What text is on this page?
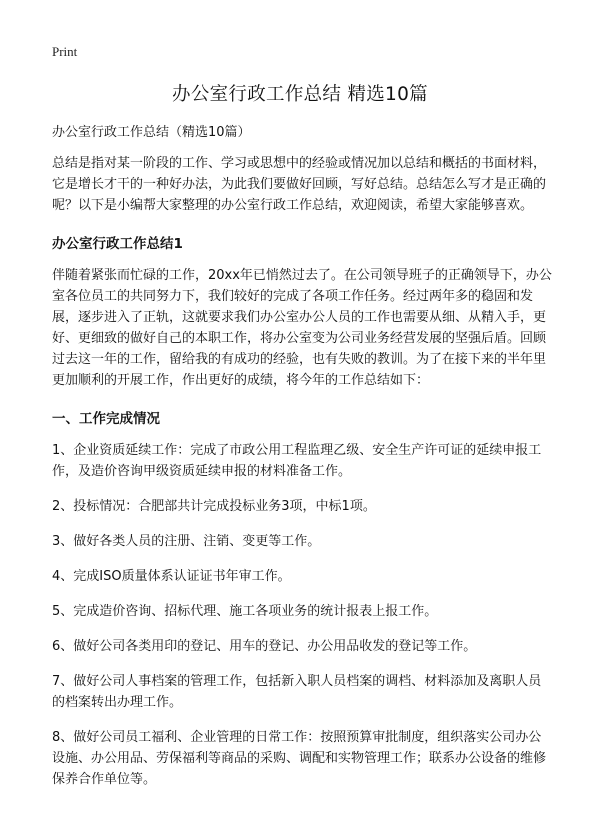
Print
办公室行政工作总结 精选10篇

办公室行政工作总结（精选10篇）

总结是指对某一阶段的工作、学习或思想中的经验或情况加以总结和概括的书面材料，它是增长才干的一种好办法，为此我们要做好回顾，写好总结。总结怎么写才是正确的呢？以下是小编帮大家整理的办公室行政工作总结，欢迎阅读，希望大家能够喜欢。

办公室行政工作总结1

伴随着紧张而忙碌的工作，20xx年已悄然过去了。在公司领导班子的正确领导下，办公室各位员工的共同努力下，我们较好的完成了各项工作任务。经过两年多的稳固和发展，逐步进入了正轨，这就要求我们办公室办公人员的工作也需要从细、从精入手，更好、更细致的做好自己的本职工作，将办公室变为公司业务经营发展的坚强后盾。回顾过去这一年的工作，留给我的有成功的经验，也有失败的教训。为了在接下来的半年里更加顺利的开展工作，作出更好的成绩，将今年的工作总结如下：

一、工作完成情况

1、企业资质延续工作：完成了市政公用工程监理乙级、安全生产许可证的延续申报工作，及造价咨询甲级资质延续申报的材料准备工作。

2、投标情况：合肥部共计完成投标业务3项，中标1项。

3、做好各类人员的注册、注销、变更等工作。

4、完成ISO质量体系认证证书年审工作。

5、完成造价咨询、招标代理、施工各项业务的统计报表上报工作。

6、做好公司各类用印的登记、用车的登记、办公用品收发的登记等工作。

7、做好公司人事档案的管理工作，包括新入职人员档案的调档、材料添加及离职人员的档案转出办理工作。

8、做好公司员工福利、企业管理的日常工作：按照预算审批制度，组织落实公司办公设施、办公用品、劳保福利等商品的采购、调配和实物管理工作；联系办公设备的维修保养合作单位等。
